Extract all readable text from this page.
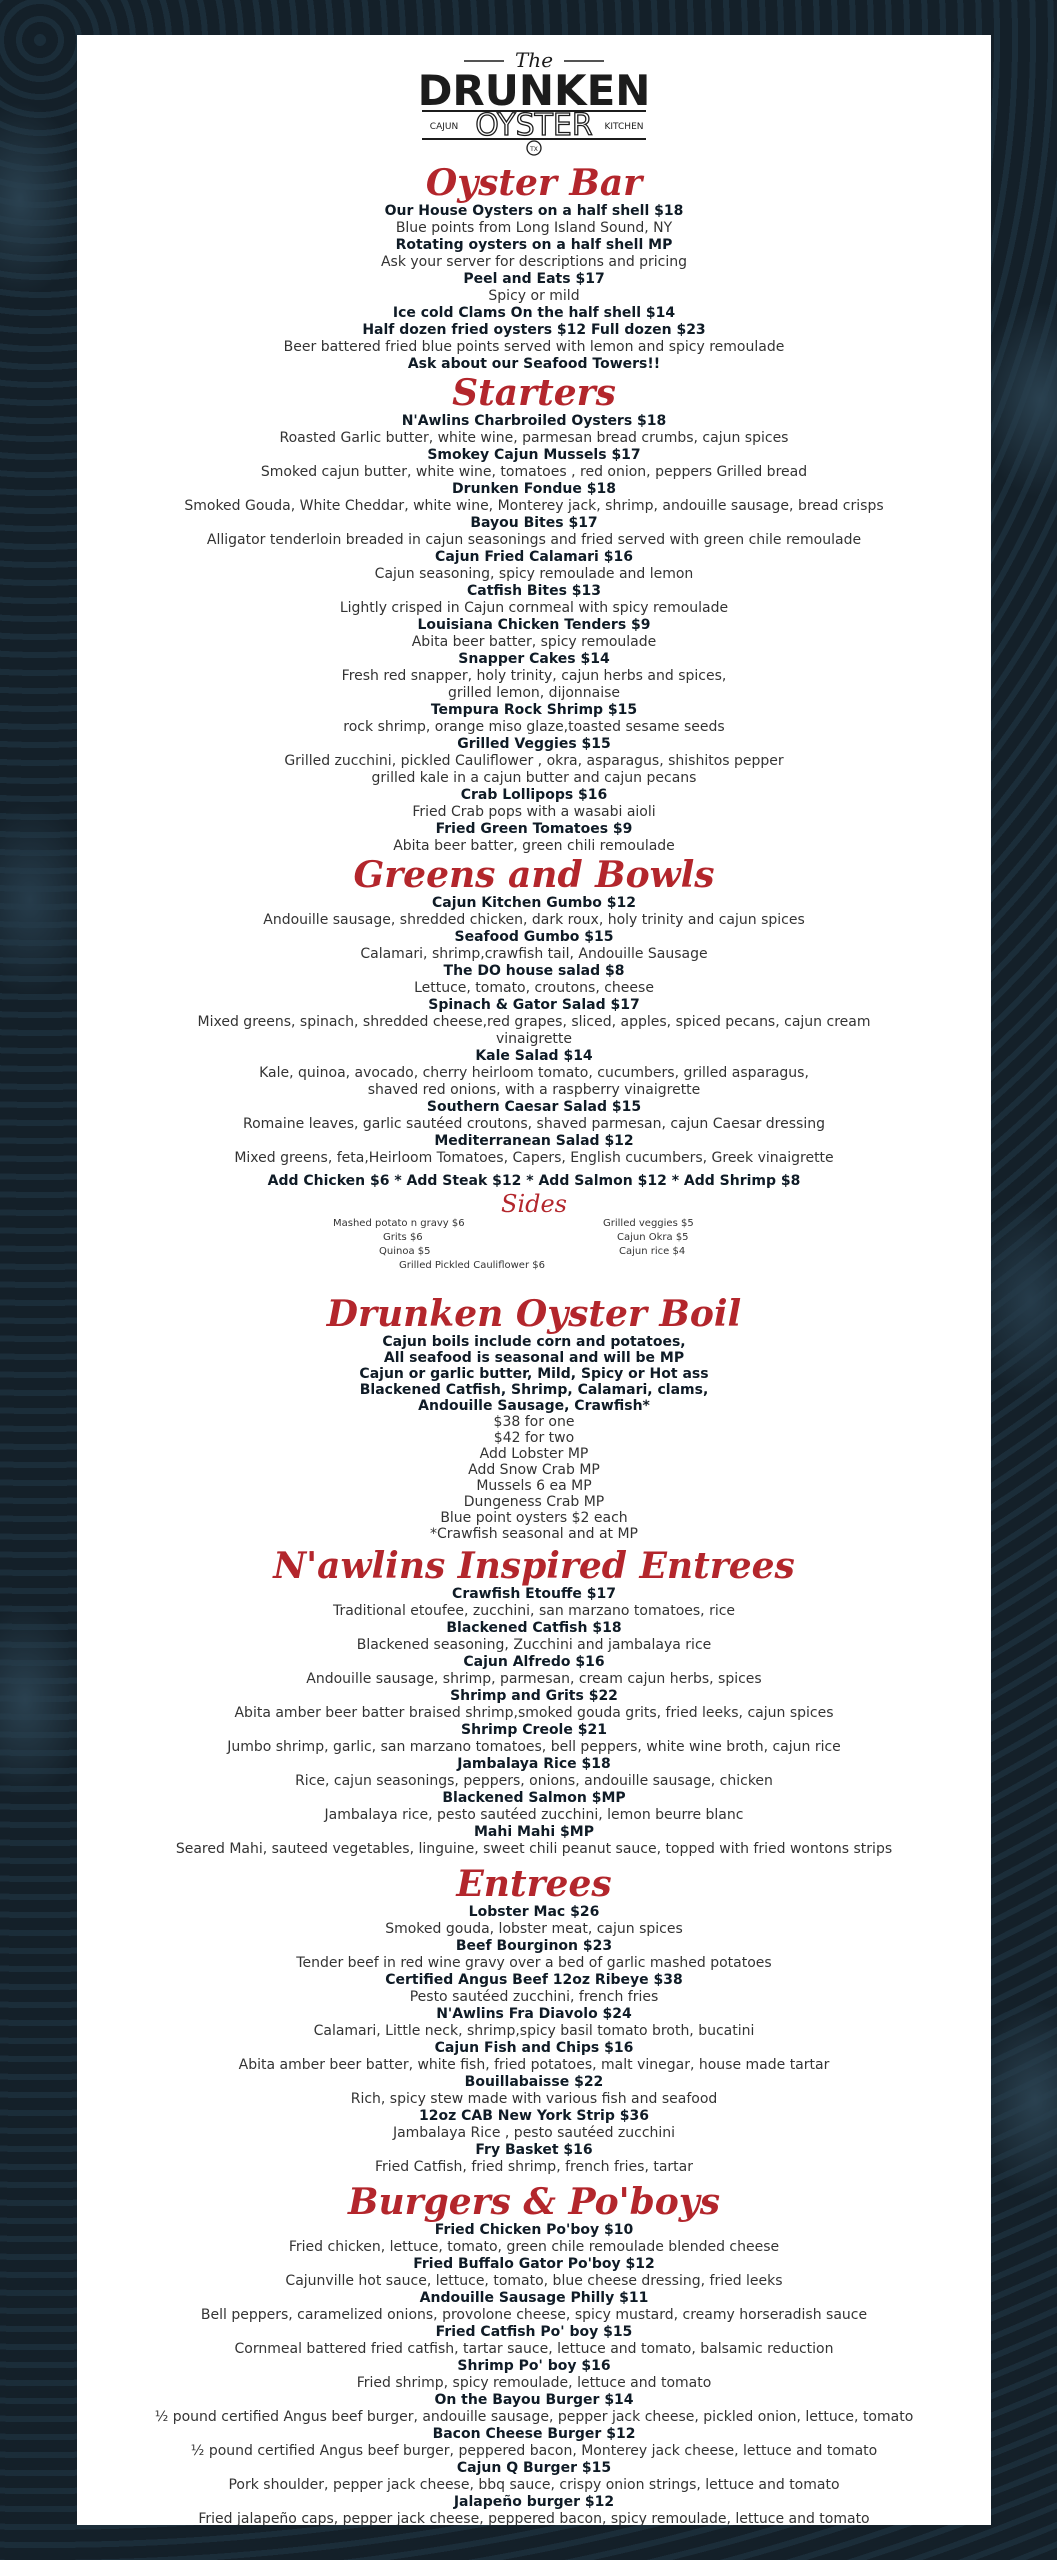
The
DRUNKEN
OYSTER
CAJUN	KITCHEN
TX
Oyster Bar
Our House Oysters on a half shell $18
Blue points from Long Island Sound, NY
Rotating oysters on a half shell MP
Ask your server for descriptions and pricing
Peel and Eats $17
Spicy or mild
Ice cold Clams On the half shell $14
Half dozen fried oysters $12 Full dozen $23
Beer battered fried blue points served with lemon and spicy remoulade
Ask about our Seafood Towers!!
Starters
N'Awlins Charbroiled Oysters $18
Roasted Garlic butter, white wine, parmesan bread crumbs, cajun spices
Smokey Cajun Mussels $17
Smoked cajun butter, white wine, tomatoes , red onion, peppers Grilled bread
Drunken Fondue $18
Smoked Gouda, White Cheddar, white wine, Monterey jack, shrimp, andouille sausage, bread crisps
Bayou Bites $17
Alligator tenderloin breaded in cajun seasonings and fried served with green chile remoulade
Cajun Fried Calamari $16
Cajun seasoning, spicy remoulade and lemon
Catfish Bites $13
Lightly crisped in Cajun cornmeal with spicy remoulade
Louisiana Chicken Tenders $9
Abita beer batter, spicy remoulade
Snapper Cakes $14
Fresh red snapper, holy trinity, cajun herbs and spices,
grilled lemon, dijonnaise
Tempura Rock Shrimp $15
rock shrimp, orange miso glaze,toasted sesame seeds
Grilled Veggies $15
Grilled zucchini, pickled Cauliflower , okra, asparagus, shishitos pepper
grilled kale in a cajun butter and cajun pecans
Crab Lollipops $16
Fried Crab pops with a wasabi aioli
Fried Green Tomatoes $9
Abita beer batter, green chili remoulade
Greens and Bowls
Cajun Kitchen Gumbo $12
Andouille sausage, shredded chicken, dark roux, holy trinity and cajun spices
Seafood Gumbo $15
Calamari, shrimp,crawfish tail, Andouille Sausage
The DO house salad $8
Lettuce, tomato, croutons, cheese
Spinach & Gator Salad $17
Mixed greens, spinach, shredded cheese,red grapes, sliced, apples, spiced pecans, cajun cream
vinaigrette
Kale Salad $14
Kale, quinoa, avocado, cherry heirloom tomato, cucumbers, grilled asparagus,
shaved red onions, with a raspberry vinaigrette
Southern Caesar Salad $15
Romaine leaves, garlic sautéed croutons, shaved parmesan, cajun Caesar dressing
Mediterranean Salad $12
Mixed greens, feta,Heirloom Tomatoes, Capers, English cucumbers, Greek vinaigrette
Add Chicken $6 * Add Steak $12 * Add Salmon $12 * Add Shrimp $8
Sides
Mashed potato n gravy $6	Grilled veggies $5
Grits $6	Cajun Okra $5
Quinoa $5	Cajun rice $4
Grilled Pickled Cauliflower $6
Drunken Oyster Boil
Cajun boils include corn and potatoes,
All seafood is seasonal and will be MP
Cajun or garlic butter, Mild, Spicy or Hot ass
Blackened Catfish, Shrimp, Calamari, clams,
Andouille Sausage, Crawfish*
$38 for one
$42 for two
Add Lobster MP
Add Snow Crab MP
Mussels 6 ea MP
Dungeness Crab MP
Blue point oysters $2 each
*Crawfish seasonal and at MP
N'awlins Inspired Entrees
Crawfish Etouffe $17
Traditional etoufee, zucchini, san marzano tomatoes, rice
Blackened Catfish $18
Blackened seasoning, Zucchini and jambalaya rice
Cajun Alfredo $16
Andouille sausage, shrimp, parmesan, cream cajun herbs, spices
Shrimp and Grits $22
Abita amber beer batter braised shrimp,smoked gouda grits, fried leeks, cajun spices
Shrimp Creole $21
Jumbo shrimp, garlic, san marzano tomatoes, bell peppers, white wine broth, cajun rice
Jambalaya Rice $18
Rice, cajun seasonings, peppers, onions, andouille sausage, chicken
Blackened Salmon $MP
Jambalaya rice, pesto sautéed zucchini, lemon beurre blanc
Mahi Mahi $MP
Seared Mahi, sauteed vegetables, linguine, sweet chili peanut sauce, topped with fried wontons strips
Entrees
Lobster Mac $26
Smoked gouda, lobster meat, cajun spices
Beef Bourginon $23
Tender beef in red wine gravy over a bed of garlic mashed potatoes
Certified Angus Beef 12oz Ribeye $38
Pesto sautéed zucchini, french fries
N'Awlins Fra Diavolo $24
Calamari, Little neck, shrimp,spicy basil tomato broth, bucatini
Cajun Fish and Chips $16
Abita amber beer batter, white fish, fried potatoes, malt vinegar, house made tartar
Bouillabaisse $22
Rich, spicy stew made with various fish and seafood
12oz CAB New York Strip $36
Jambalaya Rice , pesto sautéed zucchini
Fry Basket $16
Fried Catfish, fried shrimp, french fries, tartar
Burgers & Po'boys
Fried Chicken Po'boy $10
Fried chicken, lettuce, tomato, green chile remoulade blended cheese
Fried Buffalo Gator Po'boy $12
Cajunville hot sauce, lettuce, tomato, blue cheese dressing, fried leeks
Andouille Sausage Philly $11
Bell peppers, caramelized onions, provolone cheese, spicy mustard, creamy horseradish sauce
Fried Catfish Po' boy $15
Cornmeal battered fried catfish, tartar sauce, lettuce and tomato, balsamic reduction
Shrimp Po' boy $16
Fried shrimp, spicy remoulade, lettuce and tomato
On the Bayou Burger $14
½ pound certified Angus beef burger, andouille sausage, pepper jack cheese, pickled onion, lettuce, tomato
Bacon Cheese Burger $12
½ pound certified Angus beef burger, peppered bacon, Monterey jack cheese, lettuce and tomato
Cajun Q Burger $15
Pork shoulder, pepper jack cheese, bbq sauce, crispy onion strings, lettuce and tomato
Jalapeño burger $12
Fried jalapeño caps, pepper jack cheese, peppered bacon, spicy remoulade, lettuce and tomato
